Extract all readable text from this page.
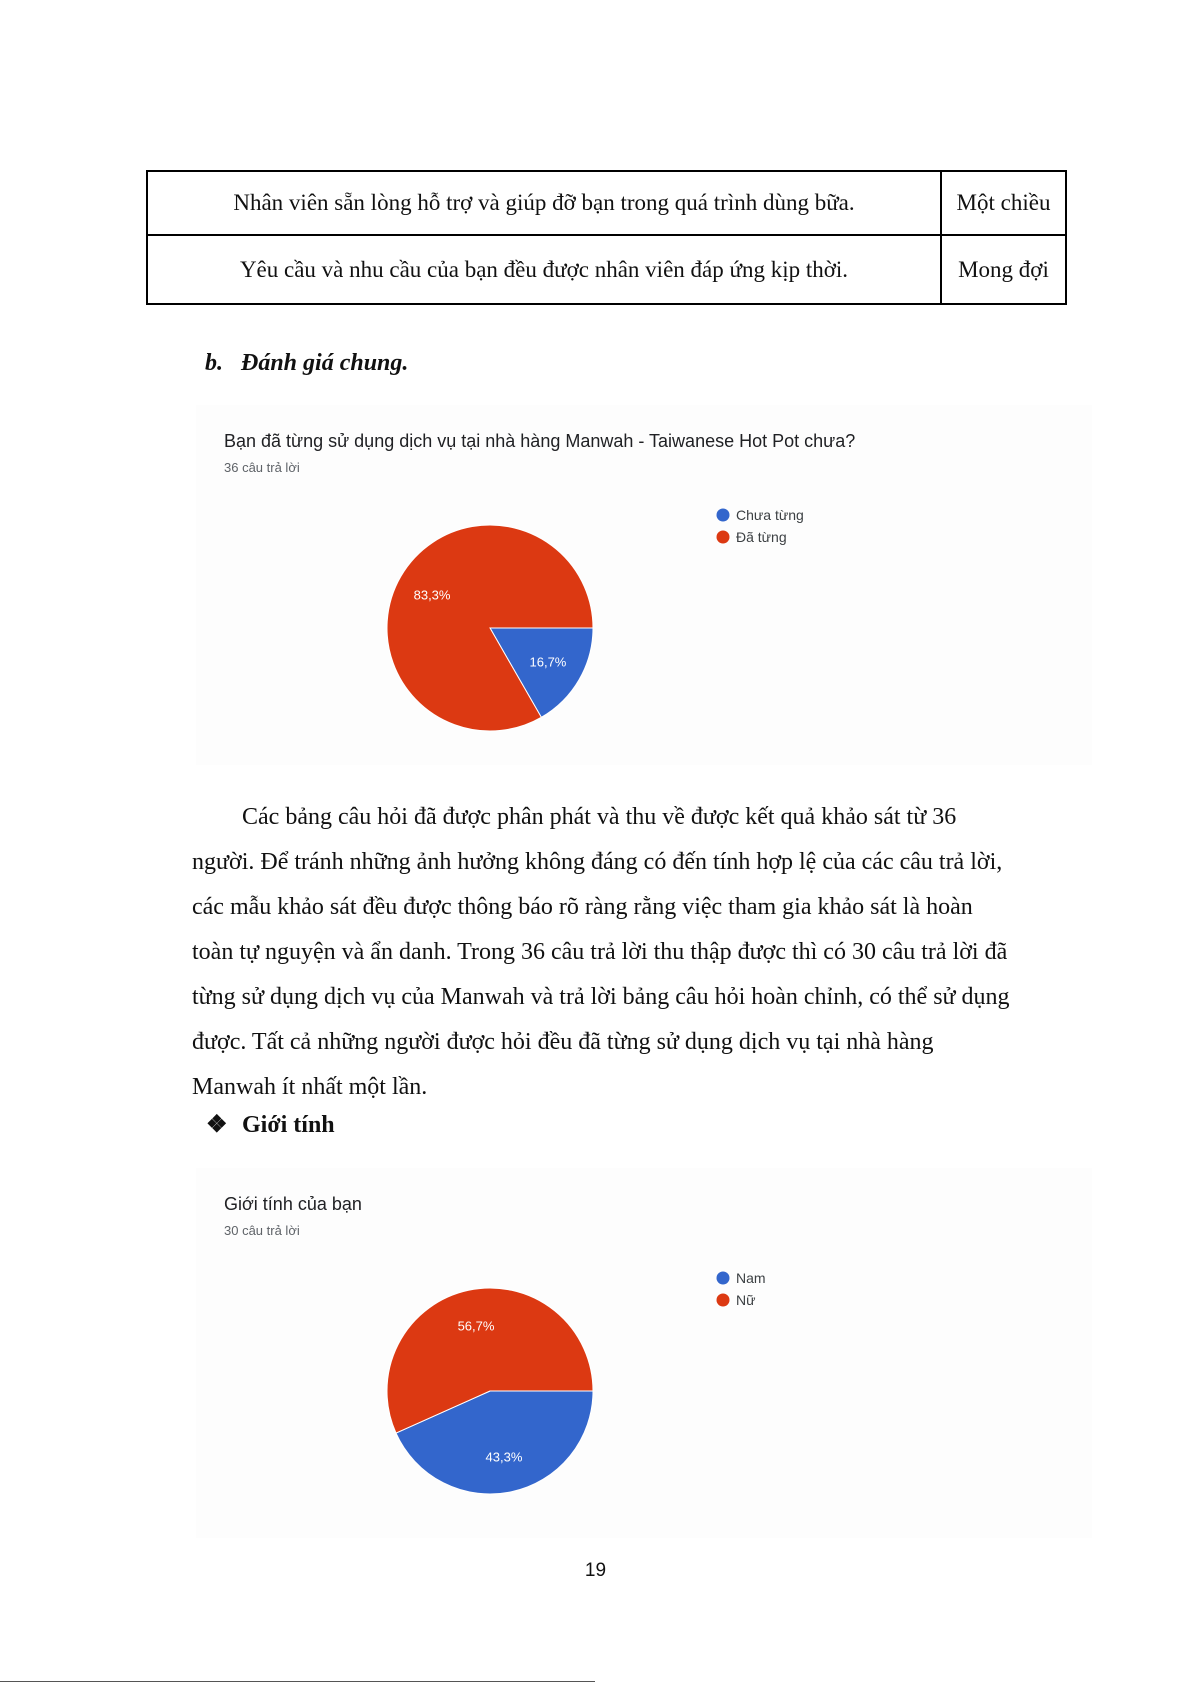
Nhân viên sẵn lòng hỗ trợ và giúp đỡ bạn trong quá trình dùng bữa.	Một chiều
Yêu cầu và nhu cầu của bạn đều được nhân viên đáp ứng kịp thời.	Mong đợi
b. Đánh giá chung.
Bạn đã từng sử dụng dịch vụ tại nhà hàng Manwah - Taiwanese Hot Pot chưa?
36 câu trả lời
16,7%
83,3%
Chưa từng
Đã từng
Các bảng câu hỏi đã được phân phát và thu về được kết quả khảo sát từ 36
người. Để tránh những ảnh hưởng không đáng có đến tính hợp lệ của các câu trả lời,
các mẫu khảo sát đều được thông báo rõ ràng rằng việc tham gia khảo sát là hoàn
toàn tự nguyện và ẩn danh. Trong 36 câu trả lời thu thập được thì có 30 câu trả lời đã
từng sử dụng dịch vụ của Manwah và trả lời bảng câu hỏi hoàn chỉnh, có thể sử dụng
được. Tất cả những người được hỏi đều đã từng sử dụng dịch vụ tại nhà hàng
Manwah ít nhất một lần.
❖ Giới tính
Giới tính của bạn
30 câu trả lời
43,3%
56,7%
Nam
Nữ
19
